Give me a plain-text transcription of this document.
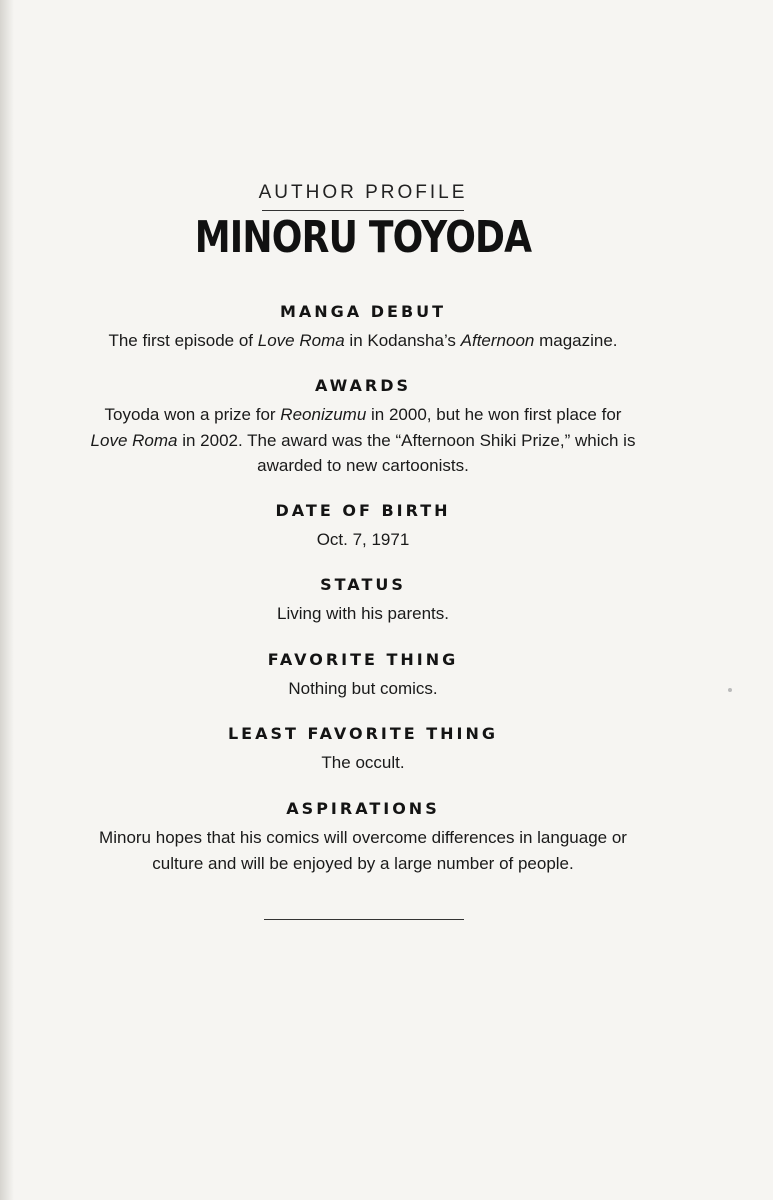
AUTHOR PROFILE
MINORU TOYODA
MANGA DEBUT
The first episode of Love Roma in Kodansha’s Afternoon magazine.
AWARDS
Toyoda won a prize for Reonizumu in 2000, but he won first place for
Love Roma in 2002. The award was the “Afternoon Shiki Prize,” which is
awarded to new cartoonists.
DATE OF BIRTH
Oct. 7, 1971
STATUS
Living with his parents.
FAVORITE THING
Nothing but comics.
LEAST FAVORITE THING
The occult.
ASPIRATIONS
Minoru hopes that his comics will overcome differences in language or
culture and will be enjoyed by a large number of people.
